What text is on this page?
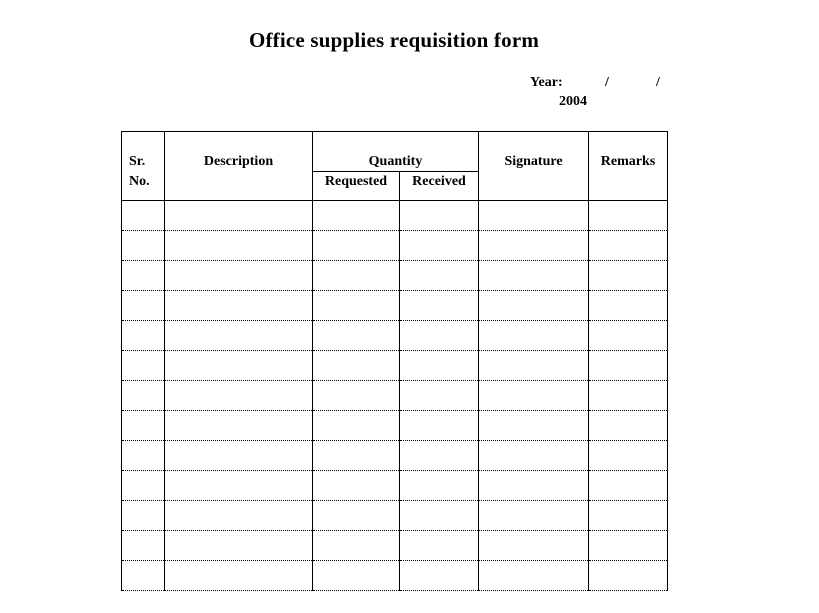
Office supplies requisition form
Year:	/	/
2004
Sr.
No.	Description	Quantity		Signature	Remarks
		Requested	Received		
